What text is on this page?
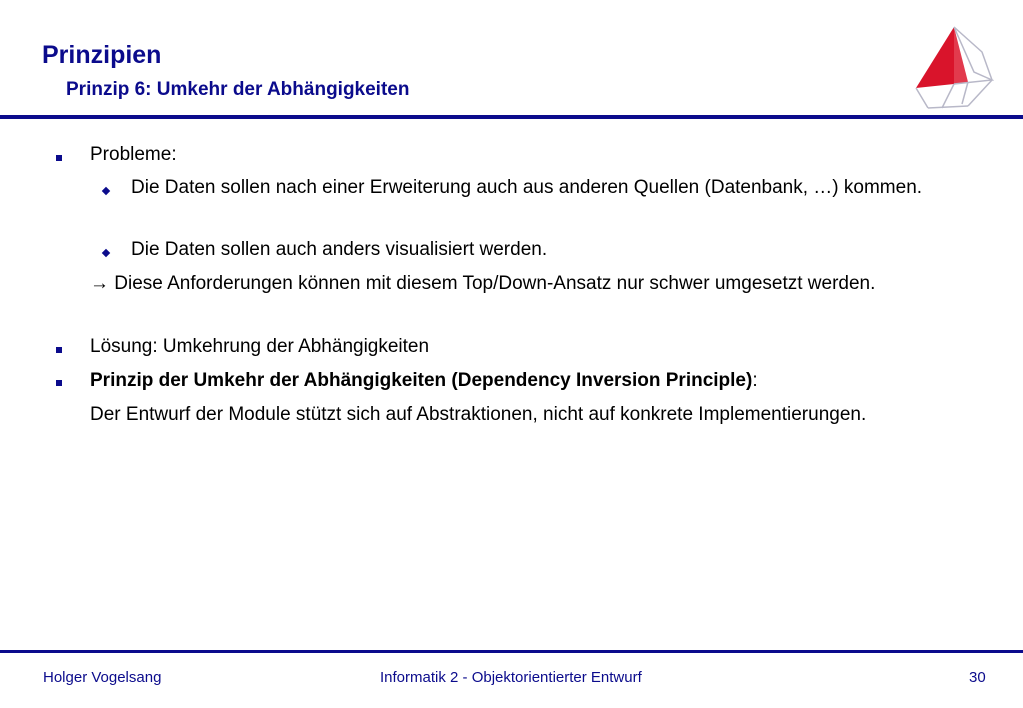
Prinzipien
Prinzip 6: Umkehr der Abhängigkeiten
Probleme:
Die Daten sollen nach einer Erweiterung auch aus anderen Quellen (Datenbank, …) kommen.
Die Daten sollen auch anders visualisiert werden.
→ Diese Anforderungen können mit diesem Top/Down-Ansatz nur schwer umgesetzt werden.
Lösung: Umkehrung der Abhängigkeiten
Prinzip der Umkehr der Abhängigkeiten (Dependency Inversion Principle):
Der Entwurf der Module stützt sich auf Abstraktionen, nicht auf konkrete Implementierungen.
Holger Vogelsang	Informatik 2 - Objektorientierter Entwurf	30
